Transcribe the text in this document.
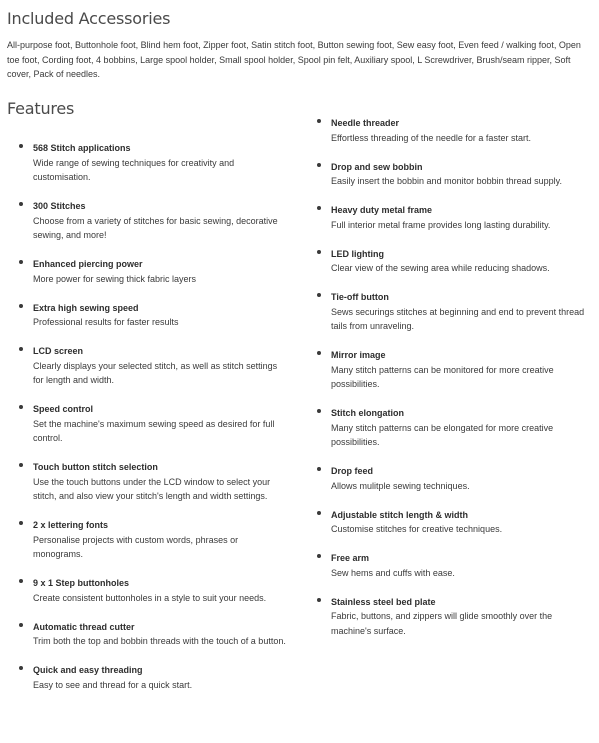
Included Accessories

All-purpose foot, Buttonhole foot, Blind hem foot, Zipper foot, Satin stitch foot, Button sewing foot, Sew easy foot, Even feed / walking foot, Open toe foot, Cording foot, 4 bobbins, Large spool holder, Small spool holder, Spool pin felt, Auxiliary spool, L Screwdriver, Brush/seam ripper, Soft cover, Pack of needles.

Features
568 Stitch applications
Wide range of sewing techniques for creativity and customisation.
300 Stitches
Choose from a variety of stitches for basic sewing, decorative sewing, and more!
Enhanced piercing power
More power for sewing thick fabric layers
Extra high sewing speed
Professional results for faster results
LCD screen
Clearly displays your selected stitch, as well as stitch settings for length and width.
Speed control
Set the machine's maximum sewing speed as desired for full control.
Touch button stitch selection
Use the touch buttons under the LCD window to select your stitch, and also view your stitch's length and width settings.
2 x lettering fonts
Personalise projects with custom words, phrases or monograms.
9 x 1 Step buttonholes
Create consistent buttonholes in a style to suit your needs.
Automatic thread cutter
Trim both the top and bobbin threads with the touch of a button.
Quick and easy threading
Easy to see and thread for a quick start.
Needle threader
Effortless threading of the needle for a faster start.
Drop and sew bobbin
Easily insert the bobbin and monitor bobbin thread supply.
Heavy duty metal frame
Full interior metal frame provides long lasting durability.
LED lighting
Clear view of the sewing area while reducing shadows.
Tie-off button
Sews securings stitches at beginning and end to prevent thread tails from unraveling.
Mirror image
Many stitch patterns can be monitored for more creative possibilities.
Stitch elongation
Many stitch patterns can be elongated for more creative possibilities.
Drop feed
Allows mulitple sewing techniques.
Adjustable stitch length & width
Customise stitches for creative techniques.
Free arm
Sew hems and cuffs with ease.
Stainless steel bed plate
Fabric, buttons, and zippers will glide smoothly over the machine's surface.
